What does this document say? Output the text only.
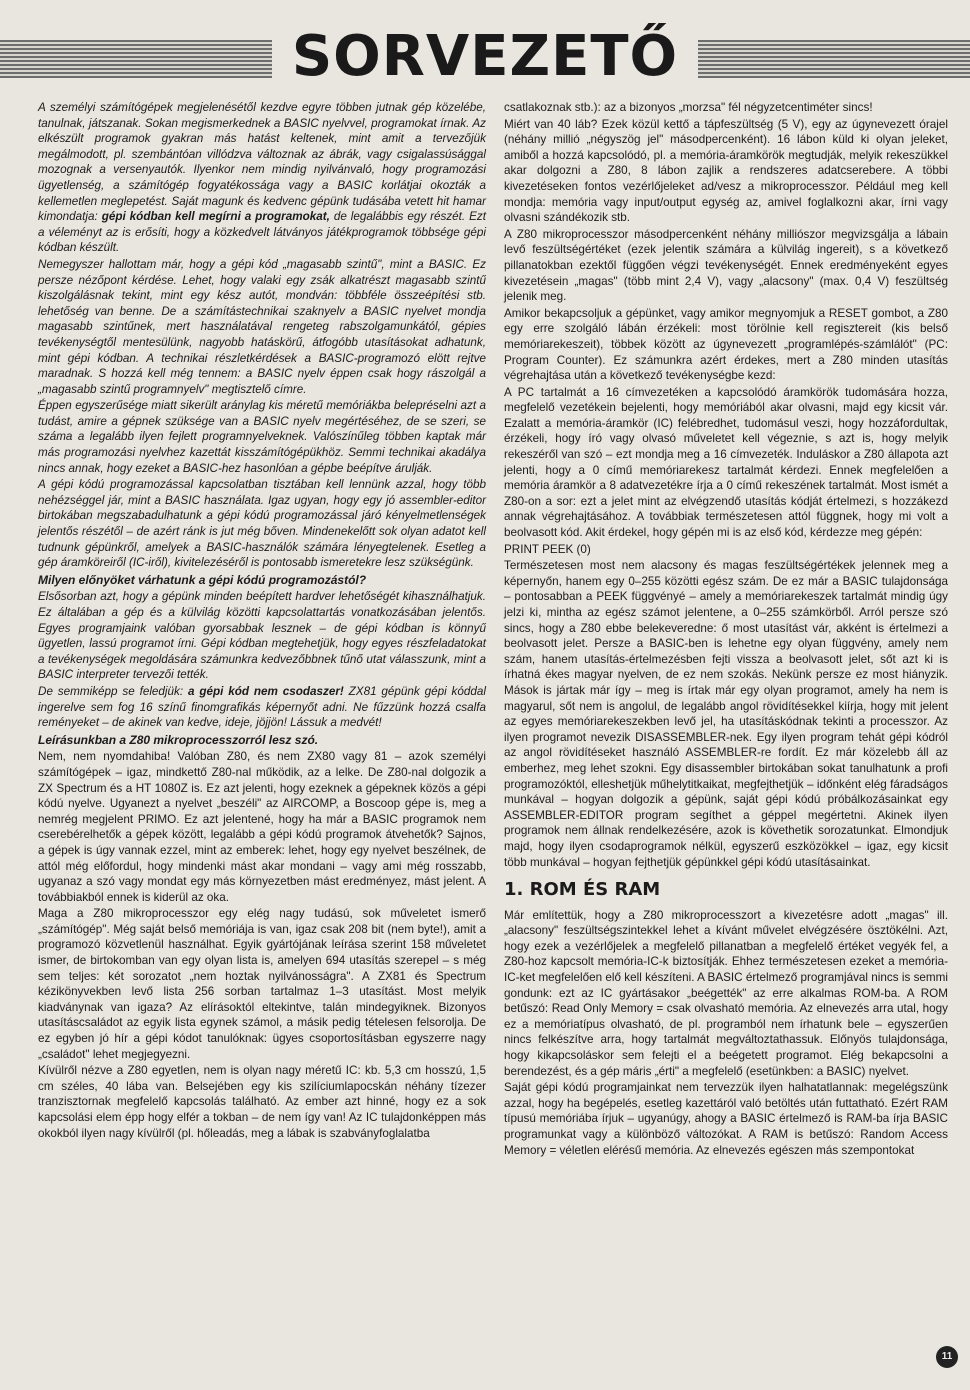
SORVEZETŐ

A személyi számítógépek megjelenésétől kezdve egyre többen jutnak gép közelébe, tanulnak, játszanak. Sokan megismerkednek a BASIC nyelvvel, programokat írnak. Az elkészült programok gyakran más hatást keltenek, mint amit a tervezőjük megálmodott, pl. szembántóan villódzva változnak az ábrák, vagy csigalassúsággal mozognak a versenyautók. Ilyenkor nem mindig nyilvánvaló, hogy programozási ügyetlenség, a számítógép fogyatékossága vagy a BASIC korlátjai okozták a kellemetlen meglepetést. Saját magunk és kedvenc gépünk tudásába vetett hit hamar kimondatja: gépi kódban kell megírni a programokat, de legalábbis egy részét. Ezt a véleményt az is erősíti, hogy a közkedvelt látványos játékprogramok többsége gépi kódban készült.

Nemegyszer hallottam már, hogy a gépi kód „magasabb szintű", mint a BASIC. Ez persze nézőpont kérdése. Lehet, hogy valaki egy zsák alkatrészt magasabb szintű kiszolgálásnak tekint, mint egy kész autót, mondván: többféle összeépítési stb. lehetőség van benne. De a számítástechnikai szaknyelv a BASIC nyelvet mondja magasabb szintűnek, mert használatával rengeteg rabszolgamunkától, gépies tevékenységtől mentesülünk, nagyobb hatáskörű, átfogóbb utasításokat adhatunk, mint gépi kódban. A technikai részletkérdések a BASIC-programozó elött rejtve maradnak. S hozzá kell még tennem: a BASIC nyelv éppen csak hogy rászolgál a „magasabb szintű programnyelv" megtisztelő címre.

Éppen egyszerűsége miatt sikerült aránylag kis méretű memóriákba belepréselni azt a tudást, amire a gépnek szüksége van a BASIC nyelv megértéséhez, de se szeri, se száma a legalább ilyen fejlett programnyelveknek. Valószínűleg többen kaptak már más programozási nyelvhez kazettát kisszámítógépükhöz. Semmi technikai akadálya nincs annak, hogy ezeket a BASIC-hez hasonlóan a gépbe beépítve árulják.

A gépi kódú programozással kapcsolatban tisztában kell lennünk azzal, hogy több nehézséggel jár, mint a BASIC használata. Igaz ugyan, hogy egy jó assembler-editor birtokában megszabadulhatunk a gépi kódú programozással járó kényelmetlenségek jelentős részétől – de azért ránk is jut még bőven. Mindenekelőtt sok olyan adatot kell tudnunk gépünkről, amelyek a BASIC-használók számára lényegtelenek. Esetleg a gép áramköreiről (IC-iről), kivitelezéséről is pontosabb ismeretekre lesz szükségünk.

Milyen előnyöket várhatunk a gépi kódú programozástól?

Elsősorban azt, hogy a gépünk minden beépített hardver lehetőségét kihasználhatjuk. Ez általában a gép és a külvilág közötti kapcsolattartás vonatkozásában jelentős. Egyes programjaink valóban gyorsabbak lesznek – de gépi kódban is könnyű ügyetlen, lassú programot írni. Gépi kódban megtehetjük, hogy egyes részfeladatokat a tevékenységek megoldására számunkra kedvezőbbnek tűnő utat válasszunk, mint a BASIC interpreter tervezői tették.

De semmiképp se feledjük: a gépi kód nem csodaszer! ZX81 gépünk gépi kóddal ingerelve sem fog 16 színű finomgrafikás képernyőt adni. Ne fűzzünk hozzá csalfa reményeket – de akinek van kedve, ideje, jöjjön! Lássuk a medvét!

Leírásunkban a Z80 mikroprocesszorról lesz szó.

Nem, nem nyomdahiba! Valóban Z80, és nem ZX80 vagy 81 – azok személyi számítógépek – igaz, mindkettő Z80-nal működik, az a lelke. De Z80-nal dolgozik a ZX Spectrum és a HT 1080Z is. Ez azt jelenti, hogy ezeknek a gépeknek közös a gépi kódú nyelve. Ugyanezt a nyelvet „beszéli" az AIRCOMP, a Boscoop gépe is, meg a nemrég megjelent PRIMO. Ez azt jelentené, hogy ha már a BASIC programok nem cserebérelhetők a gépek között, legalább a gépi kódú programok átvehetők? Sajnos, a gépek is úgy vannak ezzel, mint az emberek: lehet, hogy egy nyelvet beszélnek, de attól még előfordul, hogy mindenki mást akar mondani – vagy ami még rosszabb, ugyanaz a szó vagy mondat egy más környezetben mást eredményez, mást jelent. A továbbiakból ennek is kiderül az oka.

Maga a Z80 mikroprocesszor egy elég nagy tudású, sok műveletet ismerő „számítógép". Még saját belső memóriája is van, igaz csak 208 bit (nem byte!), amit a programozó közvetlenül használhat. Egyik gyártójának leírása szerint 158 műveletet ismer, de birtokomban van egy olyan lista is, amelyen 694 utasítás szerepel – s még sem teljes: két sorozatot „nem hoztak nyilvánosságra". A ZX81 és Spectrum kézikönyvekben levő lista 256 sorban tartalmaz 1–3 utasítást. Most melyik kiadványnak van igaza? Az elírásoktól eltekintve, talán mindegyiknek. Bizonyos utasításcsaládot az egyik lista egynek számol, a másik pedig tételesen felsorolja. De ez egyben jó hír a gépi kódot tanulóknak: ügyes csoportosításban egyszerre nagy „családot" lehet megjegyezni.

Kívülről nézve a Z80 egyetlen, nem is olyan nagy méretű IC: kb. 5,3 cm hosszú, 1,5 cm széles, 40 lába van. Belsejében egy kis szilíciumlapocskán néhány tízezer tranzisztornak megfelelő kapcsolás található. Az ember azt hinné, hogy ez a sok kapcsolási elem épp hogy elfér a tokban – de nem így van! Az IC tulajdonképpen más okokból ilyen nagy kívülről (pl. hőleadás, meg a lábak is szabványfoglalatba

csatlakoznak stb.): az a bizonyos „morzsa" fél négyzetcentiméter sincs!

Miért van 40 láb? Ezek közül kettő a tápfeszültség (5 V), egy az úgynevezett órajel (néhány millió „négyszög jel" másodpercenként). 16 lábon küld ki olyan jeleket, amiből a hozzá kapcsolódó, pl. a memória-áramkörök megtudják, melyik rekeszükkel akar dolgozni a Z80, 8 lábon zajlik a rendszeres adatcserebere. A többi kivezetéseken fontos vezérlőjeleket ad/vesz a mikroprocesszor. Például meg kell mondja: memória vagy input/output egység az, amivel foglalkozni akar, írni vagy olvasni szándékozik stb.

A Z80 mikroprocesszor másodpercenként néhány milliószor megvizsgálja a lábain levő feszültségértéket (ezek jelentik számára a külvilág ingereit), s a következő pillanatokban ezektől függően végzi tevékenységét. Ennek eredményeként egyes kivezetésein „magas" (több mint 2,4 V), vagy „alacsony" (max. 0,4 V) feszültség jelenik meg.

Amikor bekapcsoljuk a gépünket, vagy amikor megnyomjuk a RESET gombot, a Z80 egy erre szolgáló lábán érzékeli: most törölnie kell regisztereit (kis belső memóriarekeszeit), többek között az úgynevezett „programlépés-számlálót" (PC: Program Counter). Ez számunkra azért érdekes, mert a Z80 minden utasítás végrehajtása után a következő tevékenységbe kezd:

A PC tartalmát a 16 címvezetéken a kapcsolódó áramkörök tudomására hozza, megfelelő vezetékein bejelenti, hogy memóriából akar olvasni, majd egy kicsit vár. Ezalatt a memória-áramkör (IC) felébredhet, tudomásul veszi, hogy hozzáfordultak, érzékeli, hogy író vagy olvasó műveletet kell végeznie, s azt is, hogy melyik rekeszéről van szó – ezt mondja meg a 16 címvezeték. Induláskor a Z80 állapota azt jelenti, hogy a 0 című memóriarekesz tartalmát kérdezi. Ennek megfelelően a memória áramkör a 8 adatvezetékre írja a 0 című rekeszének tartalmát. Most ismét a Z80-on a sor: ezt a jelet mint az elvégzendő utasítás kódját értelmezi, s hozzákezd annak végrehajtásához. A továbbiak természetesen attól függnek, hogy mi volt a beolvasott kód. Akit érdekel, hogy gépén mi is az első kód, kérdezze meg gépén:

PRINT PEEK (0)

Természetesen most nem alacsony és magas feszültségértékek jelennek meg a képernyőn, hanem egy 0–255 közötti egész szám. De ez már a BASIC tulajdonsága – pontosabban a PEEK függvényé – amely a memóriarekeszek tartalmát mindig úgy jelzi ki, mintha az egész számot jelentene, a 0–255 számkörből. Arról persze szó sincs, hogy a Z80 ebbe belekeveredne: ő most utasítást vár, akként is értelmezi a beolvasott jelet. Persze a BASIC-ben is lehetne egy olyan függvény, amely nem szám, hanem utasítás-értelmezésben fejti vissza a beolvasott jelet, sőt azt ki is írhatná ékes magyar nyelven, de ez nem szokás. Nekünk persze ez most hiányzik. Mások is jártak már így – meg is írtak már egy olyan programot, amely ha nem is magyarul, sőt nem is angolul, de legalább angol rövidítésekkel kiírja, hogy mit jelent az egyes memóriarekeszekben levő jel, ha utasításkódnak tekinti a processzor. Az ilyen programot nevezik DISASSEMBLER-nek. Egy ilyen program tehát gépi kódról az angol rövidítéseket használó ASSEMBLER-re fordít. Ez már közelebb áll az emberhez, meg lehet szokni. Egy disassembler birtokában sokat tanulhatunk a profi programozóktól, elleshetjük műhelytitkaikat, megfejthetjük – időnként elég fáradságos munkával – hogyan dolgozik a gépünk, saját gépi kódú próbálkozásainkat egy ASSEMBLER-EDITOR program segíthet a géppel megértetni. Akinek ilyen programok nem állnak rendelkezésére, azok is követhetik sorozatunkat. Elmondjuk majd, hogy ilyen csodaprogramok nélkül, egyszerű eszközökkel – igaz, egy kicsit több munkával – hogyan fejthetjük gépünkkel gépi kódú utasításainkat.

1. ROM ÉS RAM

Már említettük, hogy a Z80 mikroprocesszort a kivezetésre adott „magas" ill. „alacsony" feszültségszintekkel lehet a kívánt művelet elvégzésére ösztökélni. Azt, hogy ezek a vezérlőjelek a megfelelő pillanatban a megfelelő értéket vegyék fel, a Z80-hoz kapcsolt memória-IC-k biztosítják. Ehhez természetesen ezeket a memória-IC-ket megfelelően elő kell készíteni. A BASIC értelmező programjával nincs is semmi gondunk: ezt az IC gyártásakor „beégették" az erre alkalmas ROM-ba. A ROM betűszó: Read Only Memory = csak olvasható memória. Az elnevezés arra utal, hogy ez a memóriatípus olvasható, de pl. programból nem írhatunk bele – egyszerűen nincs felkészítve arra, hogy tartalmát megváltoztathassuk. Előnyös tulajdonsága, hogy kikapcsoláskor sem felejti el a beégetett programot. Elég bekapcsolni a berendezést, és a gép máris „érti" a megfelelő (esetünkben: a BASIC) nyelvet.

Saját gépi kódú programjainkat nem tervezzük ilyen halhatatlannak: megelégszünk azzal, hogy ha begépelés, esetleg kazettáról való betöltés után futtatható. Ezért RAM típusú memóriába írjuk – ugyanúgy, ahogy a BASIC értelmező is RAM-ba írja BASIC programunkat vagy a különböző változókat. A RAM is betűszó: Random Access Memory = véletlen elérésű memória. Az elnevezés egészen más szempontokat

11
